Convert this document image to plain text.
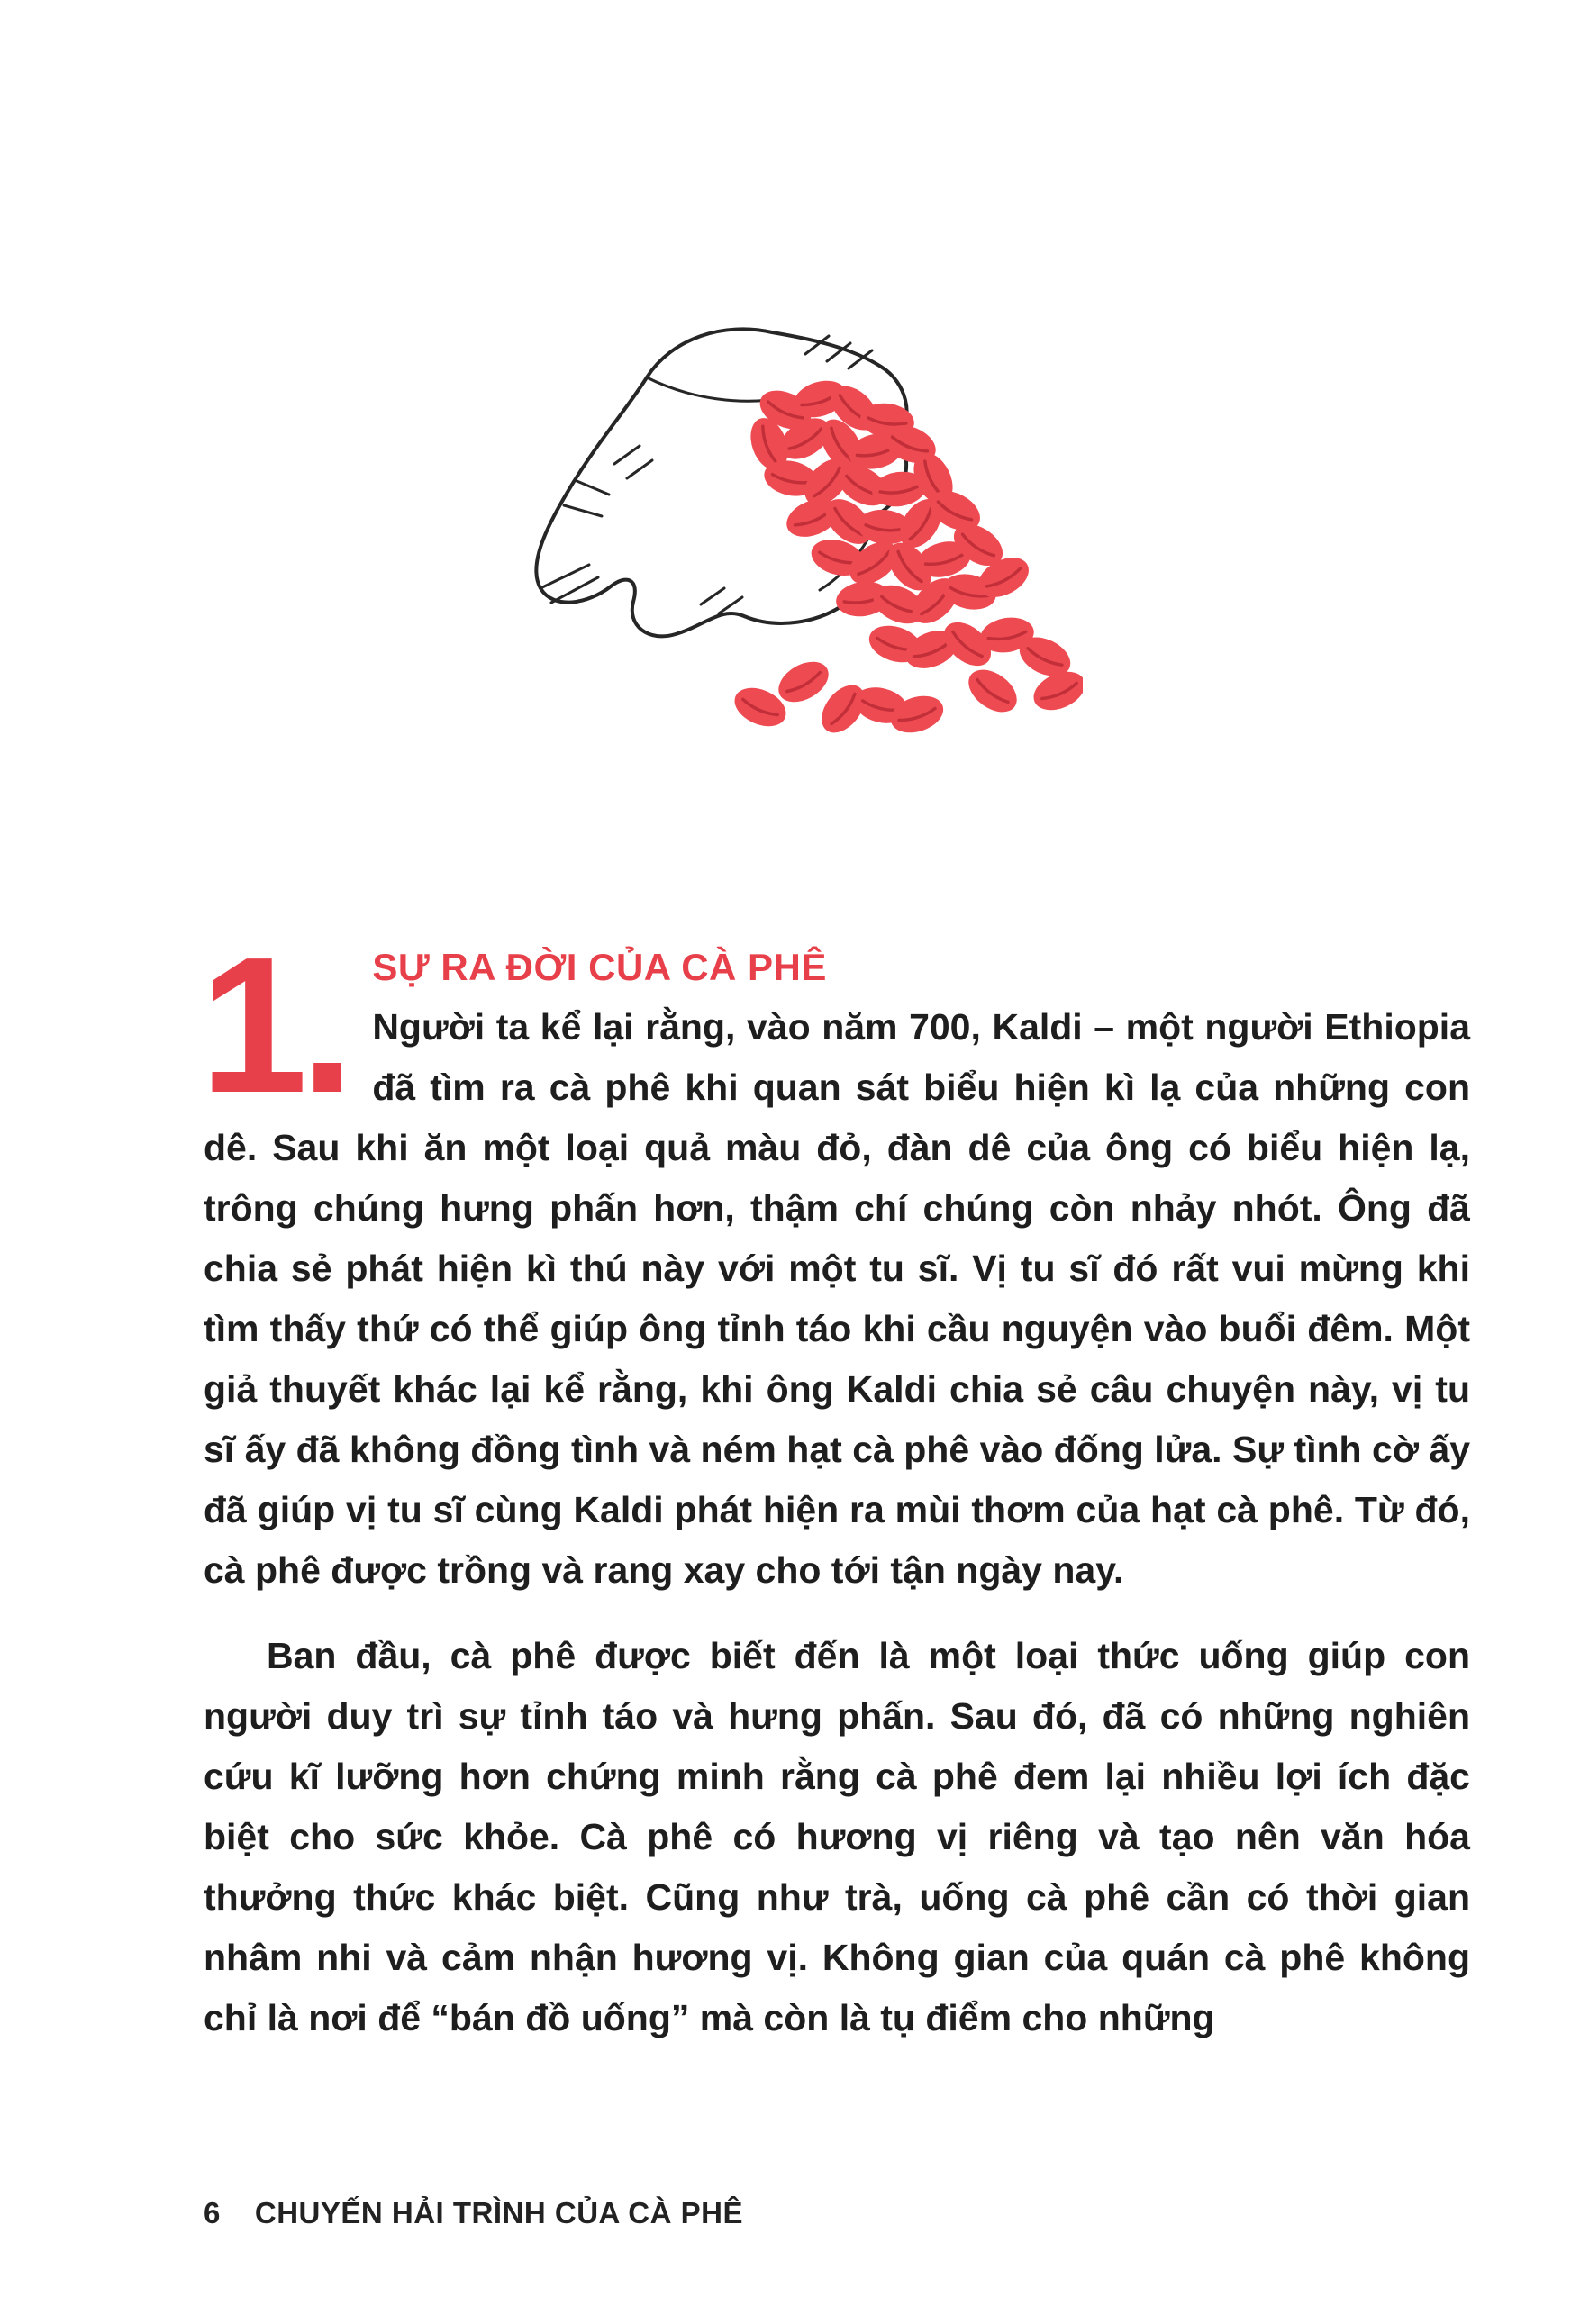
1. SỰ RA ĐỜI CỦA CÀ PHÊ

Người ta kể lại rằng, vào năm 700, Kaldi – một người Ethiopia đã tìm ra cà phê khi quan sát biểu hiện kì lạ của những con dê. Sau khi ăn một loại quả màu đỏ, đàn dê của ông có biểu hiện lạ, trông chúng hưng phấn hơn, thậm chí chúng còn nhảy nhót. Ông đã chia sẻ phát hiện kì thú này với một tu sĩ. Vị tu sĩ đó rất vui mừng khi tìm thấy thứ có thể giúp ông tỉnh táo khi cầu nguyện vào buổi đêm. Một giả thuyết khác lại kể rằng, khi ông Kaldi chia sẻ câu chuyện này, vị tu sĩ ấy đã không đồng tình và ném hạt cà phê vào đống lửa. Sự tình cờ ấy đã giúp vị tu sĩ cùng Kaldi phát hiện ra mùi thơm của hạt cà phê. Từ đó, cà phê được trồng và rang xay cho tới tận ngày nay.

Ban đầu, cà phê được biết đến là một loại thức uống giúp con người duy trì sự tỉnh táo và hưng phấn. Sau đó, đã có những nghiên cứu kĩ lưỡng hơn chứng minh rằng cà phê đem lại nhiều lợi ích đặc biệt cho sức khỏe. Cà phê có hương vị riêng và tạo nên văn hóa thưởng thức khác biệt. Cũng như trà, uống cà phê cần có thời gian nhâm nhi và cảm nhận hương vị. Không gian của quán cà phê không chỉ là nơi để “bán đồ uống” mà còn là tụ điểm cho những

6 CHUYẾN HẢI TRÌNH CỦA CÀ PHÊ
